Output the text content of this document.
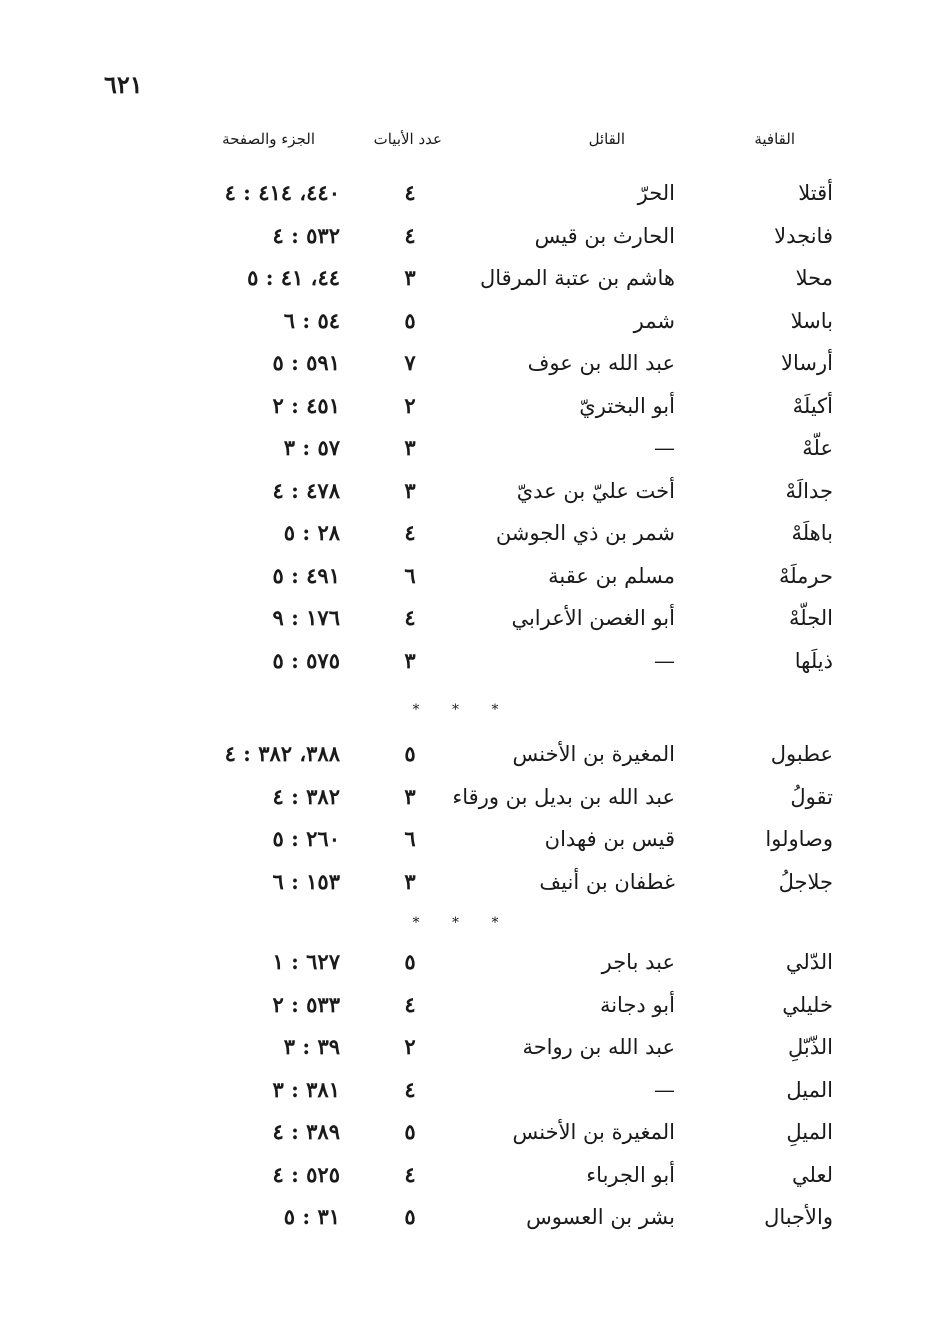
٦٢١
القافية
القائل
عدد الأبيات
الجزء والصفحة
أقتلا
الحرّ
٤
٤٤٠، ٤١٤ : ٤
فانجدلا
الحارث بن قيس
٤
٥٣٢ : ٤
محلا
هاشم بن عتبة المرقال
٣
٤٤، ٤١ : ٥
باسلا
شمر
٥
٥٤ : ٦
أرسالا
عبد الله بن عوف
٧
٥٩١ : ٥
أكيلَهْ
أبو البختريّ
٢
٤٥١ : ٢
علّهْ
—
٣
٥٧ : ٣
جدالَهْ
أخت عليّ بن عديّ
٣
٤٧٨ : ٤
باهلَهْ
شمر بن ذي الجوشن
٤
٢٨ : ٥
حرملَهْ
مسلم بن عقبة
٦
٤٩١ : ٥
الجلّهْ
أبو الغصن الأعرابي
٤
١٧٦ : ٩
ذيلَها
—
٣
٥٧٥ : ٥
* * *
عطبول
المغيرة بن الأخنس
٥
٣٨٨، ٣٨٢ : ٤
تقولُ
عبد الله بن بديل بن ورقاء
٣
٣٨٢ : ٤
وصاولوا
قيس بن فهدان
٦
٢٦٠ : ٥
جلاجلُ
غطفان بن أنيف
٣
١٥٣ : ٦
* * *
الدّلي
عبد باجر
٥
٦٢٧ : ١
خليلي
أبو دجانة
٤
٥٣٣ : ٢
الذّبّلِ
عبد الله بن رواحة
٢
٣٩ : ٣
الميل
—
٤
٣٨١ : ٣
الميلِ
المغيرة بن الأخنس
٥
٣٨٩ : ٤
لعلي
أبو الجرباء
٤
٥٢٥ : ٤
والأجبال
بشر بن العسوس
٥
٣١ : ٥
